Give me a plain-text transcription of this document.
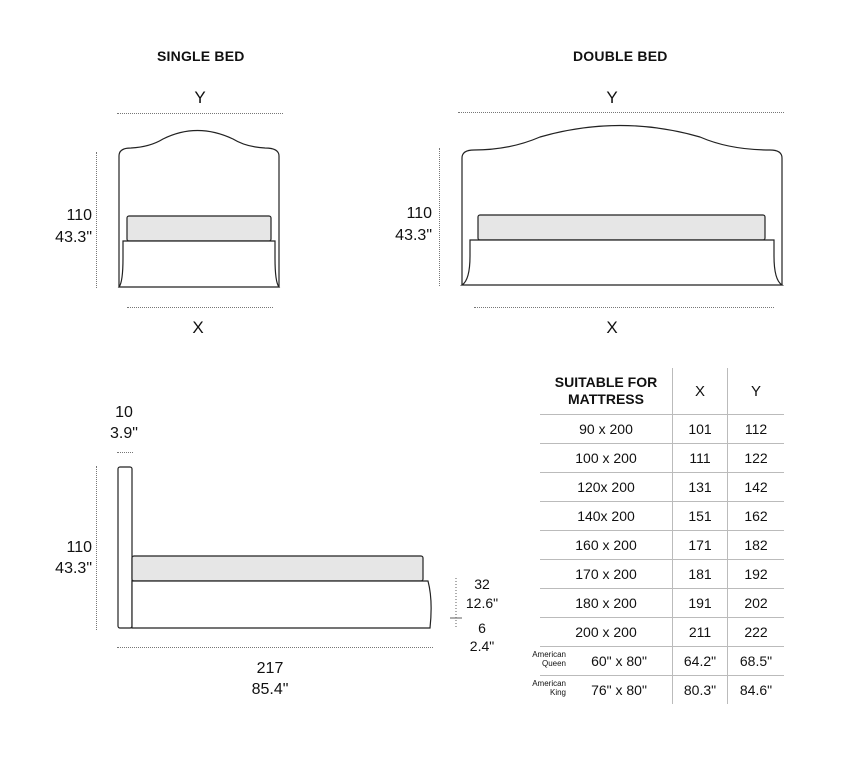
SINGLE BED	DOUBLE BED
Y
110
43.3"
X
Y
110
43.3"
X
10
3.9"
110
43.3"
217
85.4"
32
12.6"
6
2.4"
SUITABLE FOR MATTRESS	X	Y
90 x 200	101	112
100 x 200	111	122
120x 200	131	142
140x 200	151	162
160 x 200	171	182
170 x 200	181	192
180 x 200	191	202
200 x 200	211	222

American Queen 60" x 80"	64.2"	68.5"

American King 76" x 80"	80.3"	84.6"
